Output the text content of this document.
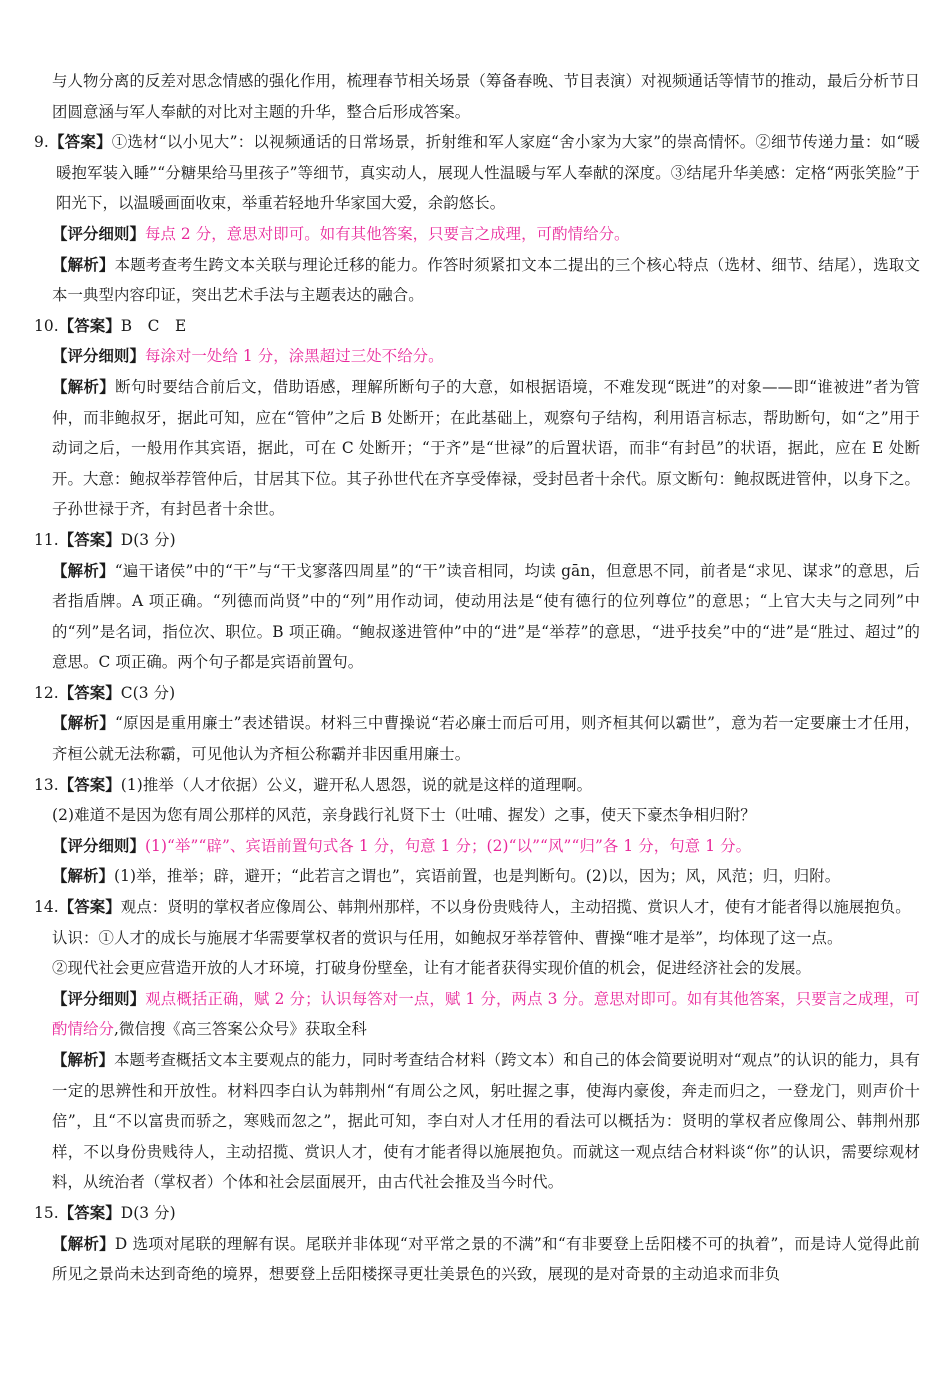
与人物分离的反差对思念情感的强化作用，梳理春节相关场景（筹备春晚、节目表演）对视频通话等情节的推动，最后分析节日团圆意涵与军人奉献的对比对主题的升华，整合后形成答案。

9.【答案】①选材“以小见大”：以视频通话的日常场景，折射维和军人家庭“舍小家为大家”的崇高情怀。②细节传递力量：如“暖暖抱军装入睡”“分糖果给马里孩子”等细节，真实动人，展现人性温暖与军人奉献的深度。③结尾升华美感：定格“两张笑脸”于阳光下，以温暖画面收束，举重若轻地升华家国大爱，余韵悠长。

【评分细则】每点 2 分，意思对即可。如有其他答案，只要言之成理，可酌情给分。

【解析】本题考查考生跨文本关联与理论迁移的能力。作答时须紧扣文本二提出的三个核心特点（选材、细节、结尾），选取文本一典型内容印证，突出艺术手法与主题表达的融合。

10.【答案】B　C　E

【评分细则】每涂对一处给 1 分，涂黑超过三处不给分。

【解析】断句时要结合前后文，借助语感，理解所断句子的大意，如根据语境，不难发现“既进”的对象——即“谁被进”者为管仲，而非鲍叔牙，据此可知，应在“管仲”之后 B 处断开；在此基础上，观察句子结构，利用语言标志，帮助断句，如“之”用于动词之后，一般用作其宾语，据此，可在 C 处断开；“于齐”是“世禄”的后置状语，而非“有封邑”的状语，据此，应在 E 处断开。大意：鲍叔举荐管仲后，甘居其下位。其子孙世代在齐享受俸禄，受封邑者十余代。原文断句：鲍叔既进管仲，以身下之。子孙世禄于齐，有封邑者十余世。

11.【答案】D(3 分)

【解析】“遍干诸侯”中的“干”与“干戈寥落四周星”的“干”读音相同，均读 gān，但意思不同，前者是“求见、谋求”的意思，后者指盾牌。A 项正确。“列德而尚贤”中的“列”用作动词，使动用法是“使有德行的位列尊位”的意思；“上官大夫与之同列”中的“列”是名词，指位次、职位。B 项正确。“鲍叔遂进管仲”中的“进”是“举荐”的意思，“进乎技矣”中的“进”是“胜过、超过”的意思。C 项正确。两个句子都是宾语前置句。

12.【答案】C(3 分)

【解析】“原因是重用廉士”表述错误。材料三中曹操说“若必廉士而后可用，则齐桓其何以霸世”，意为若一定要廉士才任用，齐桓公就无法称霸，可见他认为齐桓公称霸并非因重用廉士。

13.【答案】(1)推举（人才依据）公义，避开私人恩怨，说的就是这样的道理啊。

(2)难道不是因为您有周公那样的风范，亲身践行礼贤下士（吐哺、握发）之事，使天下豪杰争相归附？

【评分细则】(1)“举”“辟”、宾语前置句式各 1 分，句意 1 分；(2)“以”“风”“归”各 1 分，句意 1 分。

【解析】(1)举，推举；辟，避开；“此若言之谓也”，宾语前置，也是判断句。(2)以，因为；风，风范；归，归附。

14.【答案】观点：贤明的掌权者应像周公、韩荆州那样，不以身份贵贱待人，主动招揽、赏识人才，使有才能者得以施展抱负。

认识：①人才的成长与施展才华需要掌权者的赏识与任用，如鲍叔牙举荐管仲、曹操“唯才是举”，均体现了这一点。

②现代社会更应营造开放的人才环境，打破身份壁垒，让有才能者获得实现价值的机会，促进经济社会的发展。

【评分细则】观点概括正确，赋 2 分；认识每答对一点，赋 1 分，两点 3 分。意思对即可。如有其他答案，只要言之成理，可酌情给分,微信搜《高三答案公众号》获取全科

【解析】本题考查概括文本主要观点的能力，同时考查结合材料（跨文本）和自己的体会简要说明对“观点”的认识的能力，具有一定的思辨性和开放性。材料四李白认为韩荆州“有周公之风，躬吐握之事，使海内豪俊，奔走而归之，一登龙门，则声价十倍”，且“不以富贵而骄之，寒贱而忽之”，据此可知，李白对人才任用的看法可以概括为：贤明的掌权者应像周公、韩荆州那样，不以身份贵贱待人，主动招揽、赏识人才，使有才能者得以施展抱负。而就这一观点结合材料谈“你”的认识，需要综观材料，从统治者（掌权者）个体和社会层面展开，由古代社会推及当今时代。

15.【答案】D(3 分)

【解析】D 选项对尾联的理解有误。尾联并非体现“对平常之景的不满”和“有非要登上岳阳楼不可的执着”，而是诗人觉得此前所见之景尚未达到奇绝的境界，想要登上岳阳楼探寻更壮美景色的兴致，展现的是对奇景的主动追求而非负
